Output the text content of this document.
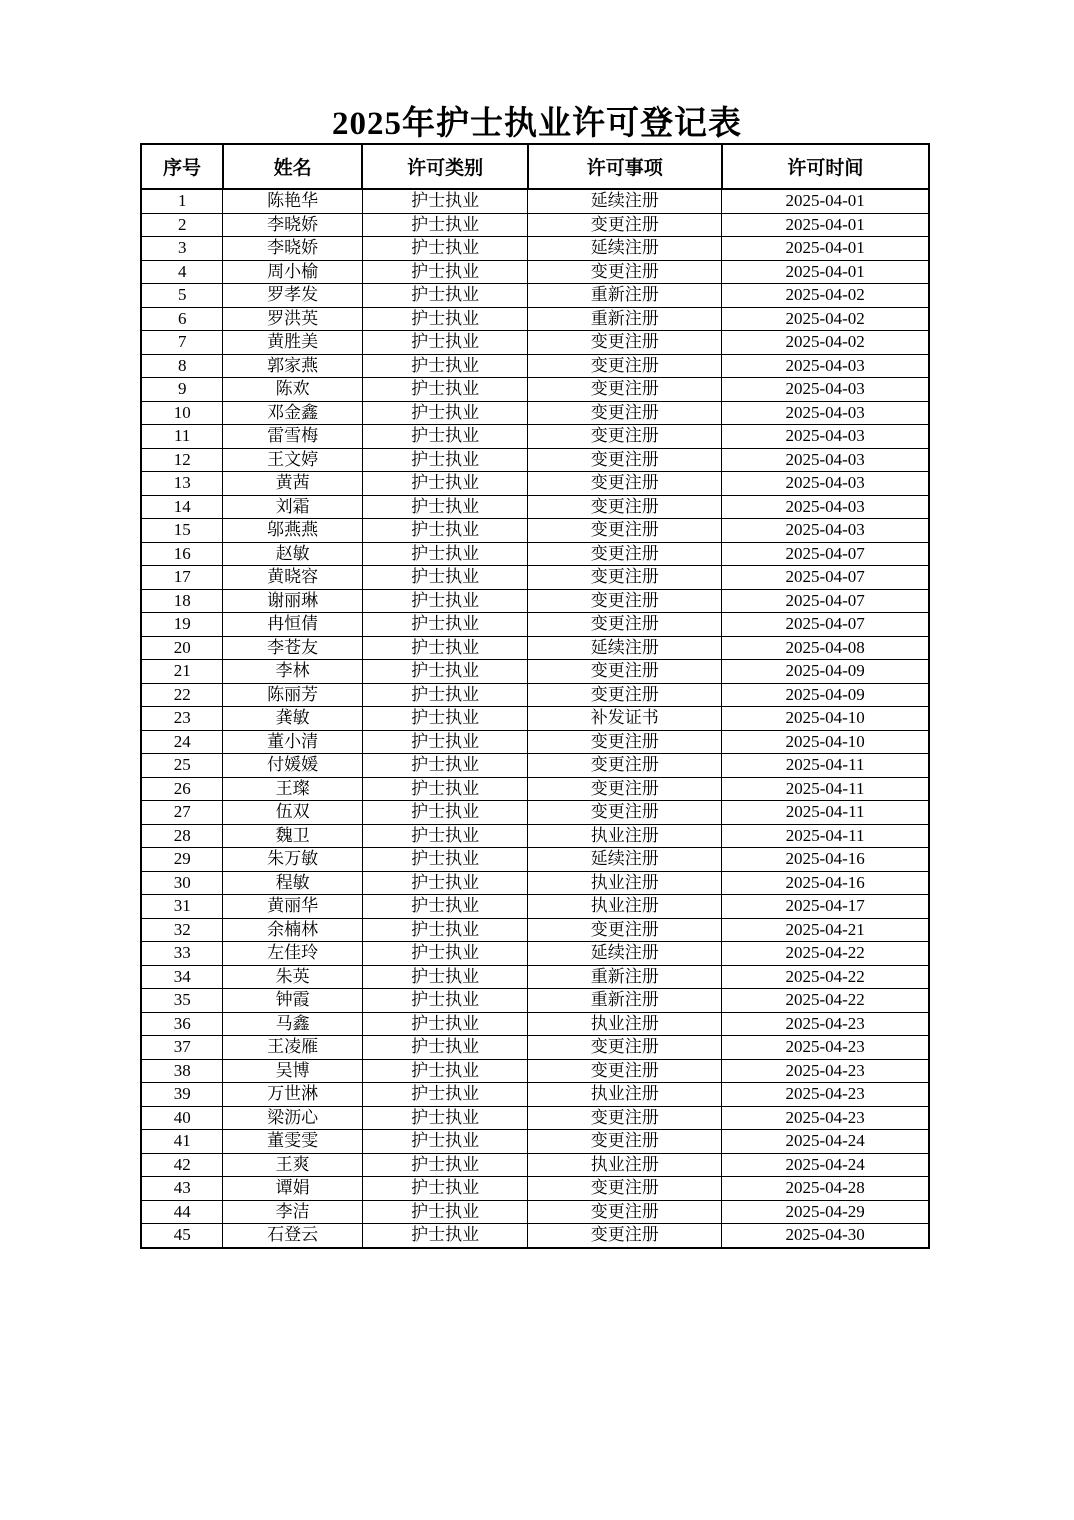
2025年护士执业许可登记表
序号	姓名	许可类别	许可事项	许可时间
1	陈艳华	护士执业	延续注册	2025-04-01
2	李晓娇	护士执业	变更注册	2025-04-01
3	李晓娇	护士执业	延续注册	2025-04-01
4	周小榆	护士执业	变更注册	2025-04-01
5	罗孝发	护士执业	重新注册	2025-04-02
6	罗洪英	护士执业	重新注册	2025-04-02
7	黄胜美	护士执业	变更注册	2025-04-02
8	郭家燕	护士执业	变更注册	2025-04-03
9	陈欢	护士执业	变更注册	2025-04-03
10	邓金鑫	护士执业	变更注册	2025-04-03
11	雷雪梅	护士执业	变更注册	2025-04-03
12	王文婷	护士执业	变更注册	2025-04-03
13	黄茜	护士执业	变更注册	2025-04-03
14	刘霜	护士执业	变更注册	2025-04-03
15	邬燕燕	护士执业	变更注册	2025-04-03
16	赵敏	护士执业	变更注册	2025-04-07
17	黄晓容	护士执业	变更注册	2025-04-07
18	谢丽琳	护士执业	变更注册	2025-04-07
19	冉恒倩	护士执业	变更注册	2025-04-07
20	李苍友	护士执业	延续注册	2025-04-08
21	李林	护士执业	变更注册	2025-04-09
22	陈丽芳	护士执业	变更注册	2025-04-09
23	龚敏	护士执业	补发证书	2025-04-10
24	董小清	护士执业	变更注册	2025-04-10
25	付媛媛	护士执业	变更注册	2025-04-11
26	王璨	护士执业	变更注册	2025-04-11
27	伍双	护士执业	变更注册	2025-04-11
28	魏卫	护士执业	执业注册	2025-04-11
29	朱万敏	护士执业	延续注册	2025-04-16
30	程敏	护士执业	执业注册	2025-04-16
31	黄丽华	护士执业	执业注册	2025-04-17
32	余楠林	护士执业	变更注册	2025-04-21
33	左佳玲	护士执业	延续注册	2025-04-22
34	朱英	护士执业	重新注册	2025-04-22
35	钟霞	护士执业	重新注册	2025-04-22
36	马鑫	护士执业	执业注册	2025-04-23
37	王凌雁	护士执业	变更注册	2025-04-23
38	吴博	护士执业	变更注册	2025-04-23
39	万世淋	护士执业	执业注册	2025-04-23
40	梁沥心	护士执业	变更注册	2025-04-23
41	董雯雯	护士执业	变更注册	2025-04-24
42	王爽	护士执业	执业注册	2025-04-24
43	谭娟	护士执业	变更注册	2025-04-28
44	李洁	护士执业	变更注册	2025-04-29
45	石登云	护士执业	变更注册	2025-04-30
